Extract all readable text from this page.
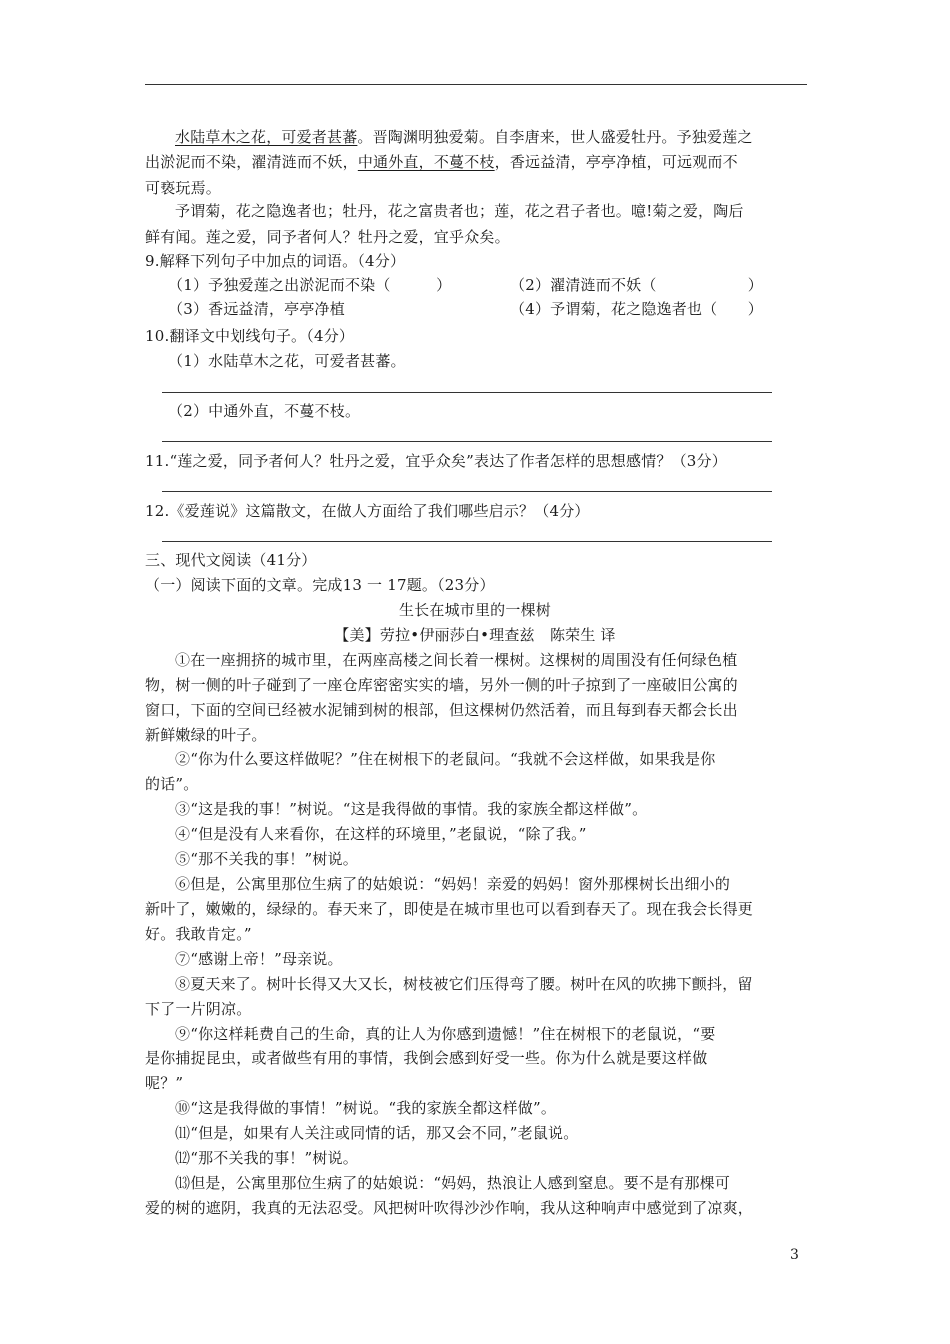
水陆草木之花，可爱者甚蕃。晋陶渊明独爱菊。自李唐来，世人盛爱牡丹。予独爱莲之
出淤泥而不染，濯清涟而不妖，中通外直，不蔓不枝，香远益清，亭亭净植，可远观而不
可亵玩焉。
予谓菊，花之隐逸者也；牡丹，花之富贵者也；莲，花之君子者也。噫!菊之爱，陶后
鲜有闻。莲之爱，同予者何人？牡丹之爱，宜乎众矣。
9.解释下列句子中加点的词语。（4分）
（1）予独爱莲之出淤泥而不染（　　　）	（2）濯清涟而不妖（　　　　　　）
（3）香远益清，亭亭净植	（4）予谓菊，花之隐逸者也（　　）
10.翻译文中划线句子。（4分）
（1）水陆草木之花，可爱者甚蕃。
（2）中通外直，不蔓不枝。
11.“莲之爱，同予者何人？牡丹之爱，宜乎众矣”表达了作者怎样的思想感情？（3分）
12.《爱莲说》这篇散文，在做人方面给了我们哪些启示？（4分）
三、现代文阅读（41分）
（一）阅读下面的文章。完成13 一 17题。（23分）
生长在城市里的一棵树
【美】劳拉•伊丽莎白•理查兹　陈荣生 译
①在一座拥挤的城市里，在两座高楼之间长着一棵树。这棵树的周围没有任何绿色植
物，树一侧的叶子碰到了一座仓库密密实实的墙，另外一侧的叶子掠到了一座破旧公寓的
窗口，下面的空间已经被水泥铺到树的根部，但这棵树仍然活着，而且每到春天都会长出
新鲜嫩绿的叶子。
②“你为什么要这样做呢？”住在树根下的老鼠问。“我就不会这样做，如果我是你
的话”。
③“这是我的事！”树说。“这是我得做的事情。我的家族全都这样做”。
④“但是没有人来看你，在这样的环境里，”老鼠说，“除了我。”
⑤“那不关我的事！”树说。
⑥但是，公寓里那位生病了的姑娘说：“妈妈！亲爱的妈妈！窗外那棵树长出细小的
新叶了，嫩嫩的，绿绿的。春天来了，即使是在城市里也可以看到春天了。现在我会长得更
好。我敢肯定。”
⑦“感谢上帝！”母亲说。
⑧夏天来了。树叶长得又大又长，树枝被它们压得弯了腰。树叶在风的吹拂下颤抖，留
下了一片阴凉。
⑨“你这样耗费自己的生命，真的让人为你感到遗憾！”住在树根下的老鼠说，“要
是你捕捉昆虫，或者做些有用的事情，我倒会感到好受一些。你为什么就是要这样做
呢？”
⑩“这是我得做的事情！”树说。“我的家族全都这样做”。
⑾“但是，如果有人关注或同情的话，那又会不同，”老鼠说。
⑿“那不关我的事！”树说。
⒀但是，公寓里那位生病了的姑娘说：“妈妈，热浪让人感到窒息。要不是有那棵可
爱的树的遮阴，我真的无法忍受。风把树叶吹得沙沙作响，我从这种响声中感觉到了凉爽，
3
